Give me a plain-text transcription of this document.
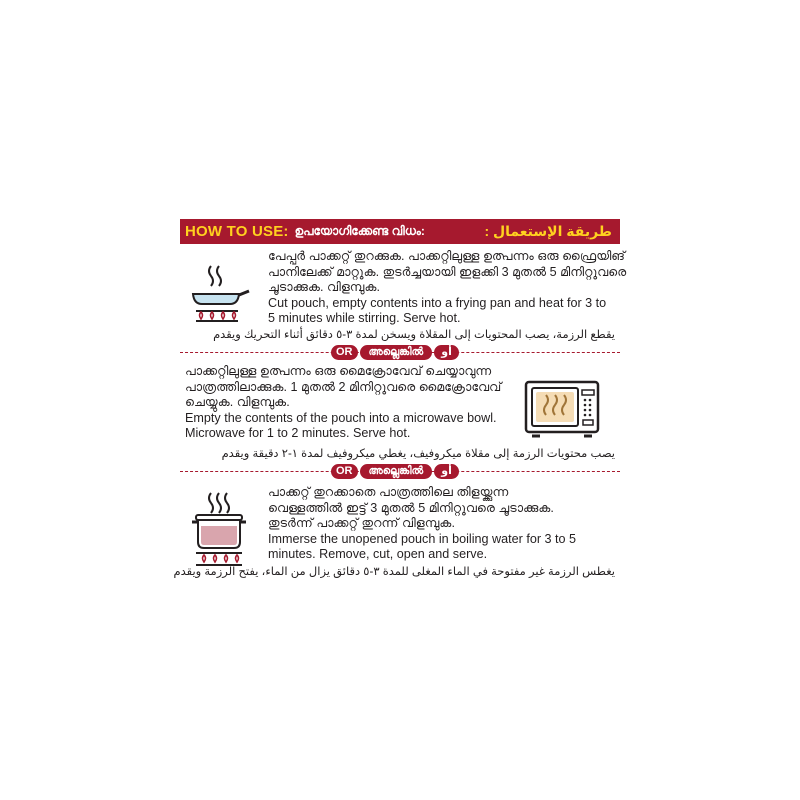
HOW TO USE: ഉപയോഗിക്കേണ്ട വിധം:	طريقة الإستعمال :
പേപ്പർ പാക്കറ്റ് തുറക്കുക. പാക്കറ്റിലുള്ള ഉത്പന്നം ഒരു ഫ്രൈയിങ്
പാനിലേക്ക് മാറ്റുക. തുടർച്ചയായി ഇളക്കി 3 മുതൽ 5 മിനിറ്റുവരെ
ചൂടാക്കുക. വിളമ്പുക.
Cut pouch, empty contents into a frying pan and heat for 3 to
5 minutes while stirring. Serve hot.
يقطع الرزمة، يصب المحتويات إلى المقلاة ويسخن لمدة ٣-٥ دقائق أثناء التحريك ويقدم
OR	അല്ലെങ്കിൽ	أو
പാക്കറ്റിലുള്ള ഉത്പന്നം ഒരു മൈക്രോവേവ് ചെയ്യാവുന്ന
പാത്രത്തിലാക്കുക. 1 മുതൽ 2 മിനിറ്റുവരെ മൈക്രോവേവ്
ചെയ്യുക. വിളമ്പുക.
Empty the contents of the pouch into a microwave bowl.
Microwave for 1 to 2 minutes. Serve hot.
يصب محتويات الرزمة إلى مقلاة ميكروفيف، يغطي ميكروفيف لمدة ١-٢ دقيقة ويقدم
OR	അല്ലെങ്കിൽ	أو
പാക്കറ്റ് തുറക്കാതെ പാത്രത്തിലെ തിളയ്ക്കുന്ന
വെള്ളത്തിൽ ഇട്ട് 3 മുതൽ 5 മിനിറ്റുവരെ ചൂടാക്കുക.
തുടർന്ന് പാക്കറ്റ് തുറന്ന് വിളമ്പുക.
Immerse the unopened pouch in boiling water for 3 to 5
minutes. Remove, cut, open and serve.
يغطس الرزمة غير مفتوحة في الماء المغلى للمدة ٣-٥ دقائق يزال من الماء، يفتح الرزمة ويقدم
